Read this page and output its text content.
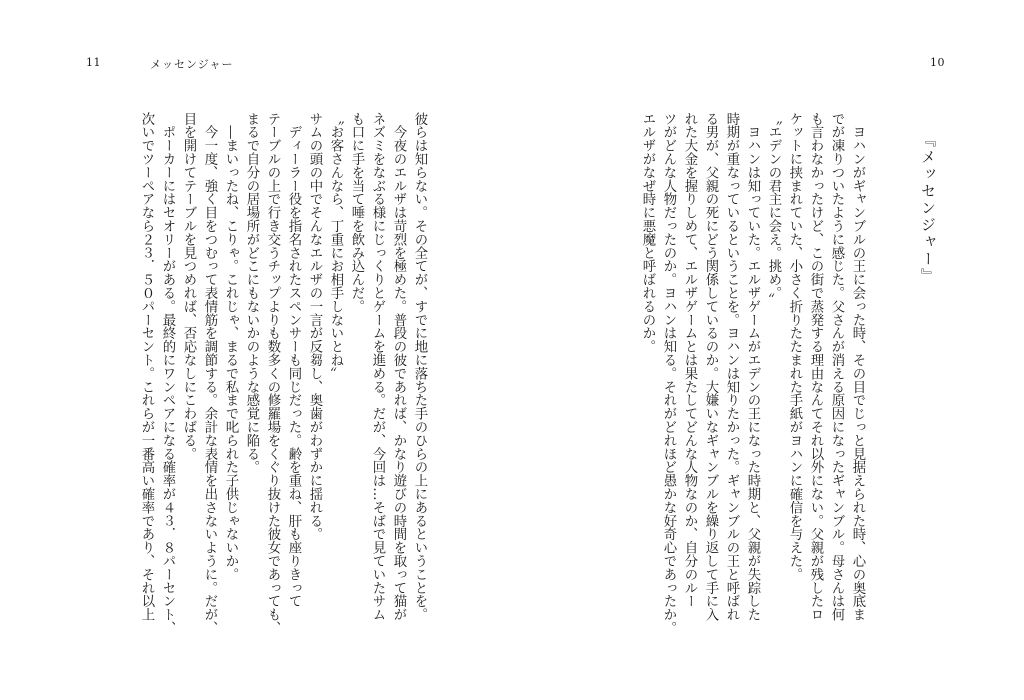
11	メッセンジャー

彼らは知らない。その全てが、すでに地に落ちた手のひらの上にあるということを。

　今夜のエルザは苛烈を極めた。普段の彼であれば、かなり遊びの時間を取って猫が

ネズミをなぶる様にじっくりとゲームを進める。だが、今回は…そばで見ていたサム

も口に手を当て唾を飲み込んだ。

〝お客さんなら、丁重にお相手しないとね〟

サムの頭の中でそんなエルザの一言が反芻し、奥歯がわずかに揺れる。

　ディーラー役を指名されたスペンサーも同じだった。齢を重ね、肝も座りきって

テーブルの上で行き交うチップよりも数多くの修羅場をくぐり抜けた彼女であっても、

まるで自分の居場所がどこにもないかのような感覚に陥る。

　―まいったね、こりゃ。これじゃ、まるで私まで叱られた子供じゃないか。

　今一度、強く目をつむって表情筋を調節する。余計な表情を出さないように。だが、

目を開けてテーブルを見つめれば、否応なしにこわばる。

　ポーカーにはセオリーがある。最終的にワンペアになる確率が４３．８パーセント、

次いでツーペアなら２３．５０パーセント。これらが一番高い確率であり、それ以上

10

　ヨハンがギャンブルの王に会った時、その目でじっと見据えられた時、心の奥底ま

でが凍りついたように感じた。父さんが消える原因になったギャンブル。母さんは何

も言わなかったけど、この街で蒸発する理由なんてそれ以外にない。父親が残したロ

ケットに挟まれていた、小さく折りたたまれた手紙がヨハンに確信を与えた。

〝エデンの君主に会え。挑め。〟

　ヨハンは知っていた。エルザゲームがエデンの王になった時期と、父親が失踪した

時期が重なっているということを。ヨハンは知りたかった。ギャンブルの王と呼ばれ

る男が、父親の死にどう関係しているのか。大嫌いなギャンブルを繰り返して手に入

れた大金を握りしめて、エルザゲームとは果たしてどんな人物なのか、自分のルー

ツがどんな人物だったのか。ヨハンは知る。それがどれほど愚かな好奇心であったか。

エルザがなぜ時に悪魔と呼ばれるのか。	『メッセンジャー』
